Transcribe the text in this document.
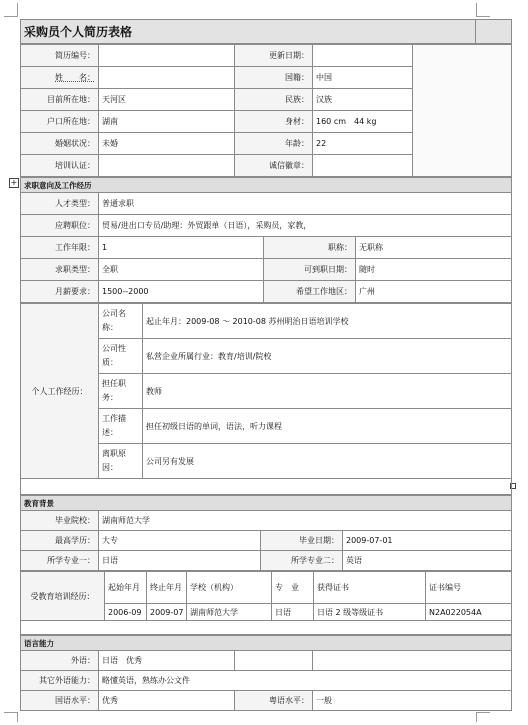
+
采购员个人简历表格	
简历编号：		更新日期：		
姓　　名：		国籍：	中国	
目前所在地：	天河区	民族：	汉族	
户口所在地：	湖南	身材：	160 cm　44 kg	
婚姻状况：	未婚	年龄：	22	
培训认证：		诚信徽章：		
求职意向及工作经历			
人才类型：	普通求职		
应聘职位：	贸易/进出口专员/助理：外贸跟单（日语），采购员，家教，		
工作年限：	1	职称：	无职称
求职类型：	全职	可到职日期：	随时
月薪要求：	1500--2000	希望工作地区：	广州
个人工作经历：	公司名称：	起止年月：2009-08 ～ 2010-08 苏州明治日语培训学校
	公司性质：	私营企业所属行业：教育/培训/院校
	担任职务：	教师
	工作描述：	担任初级日语的单词，语法，听力课程
	离职原因：	公司另有发展

教育背景			
毕业院校：	湖南师范大学		
最高学历：	大专	毕业日期：	2009-07-01
所学专业一：	日语	所学专业二：	英语
受教育培训经历：	起始年月	终止年月	学校（机构）	专　业	获得证书	证书编号
	2006-09	2009-07	湖南师范大学	日语	日语 2 级等级证书	N2A022054A

语言能力			
外语：	日语　优秀		
其它外语能力：	略懂英语，熟练办公文件		
国语水平：	优秀	粤语水平：	一般
